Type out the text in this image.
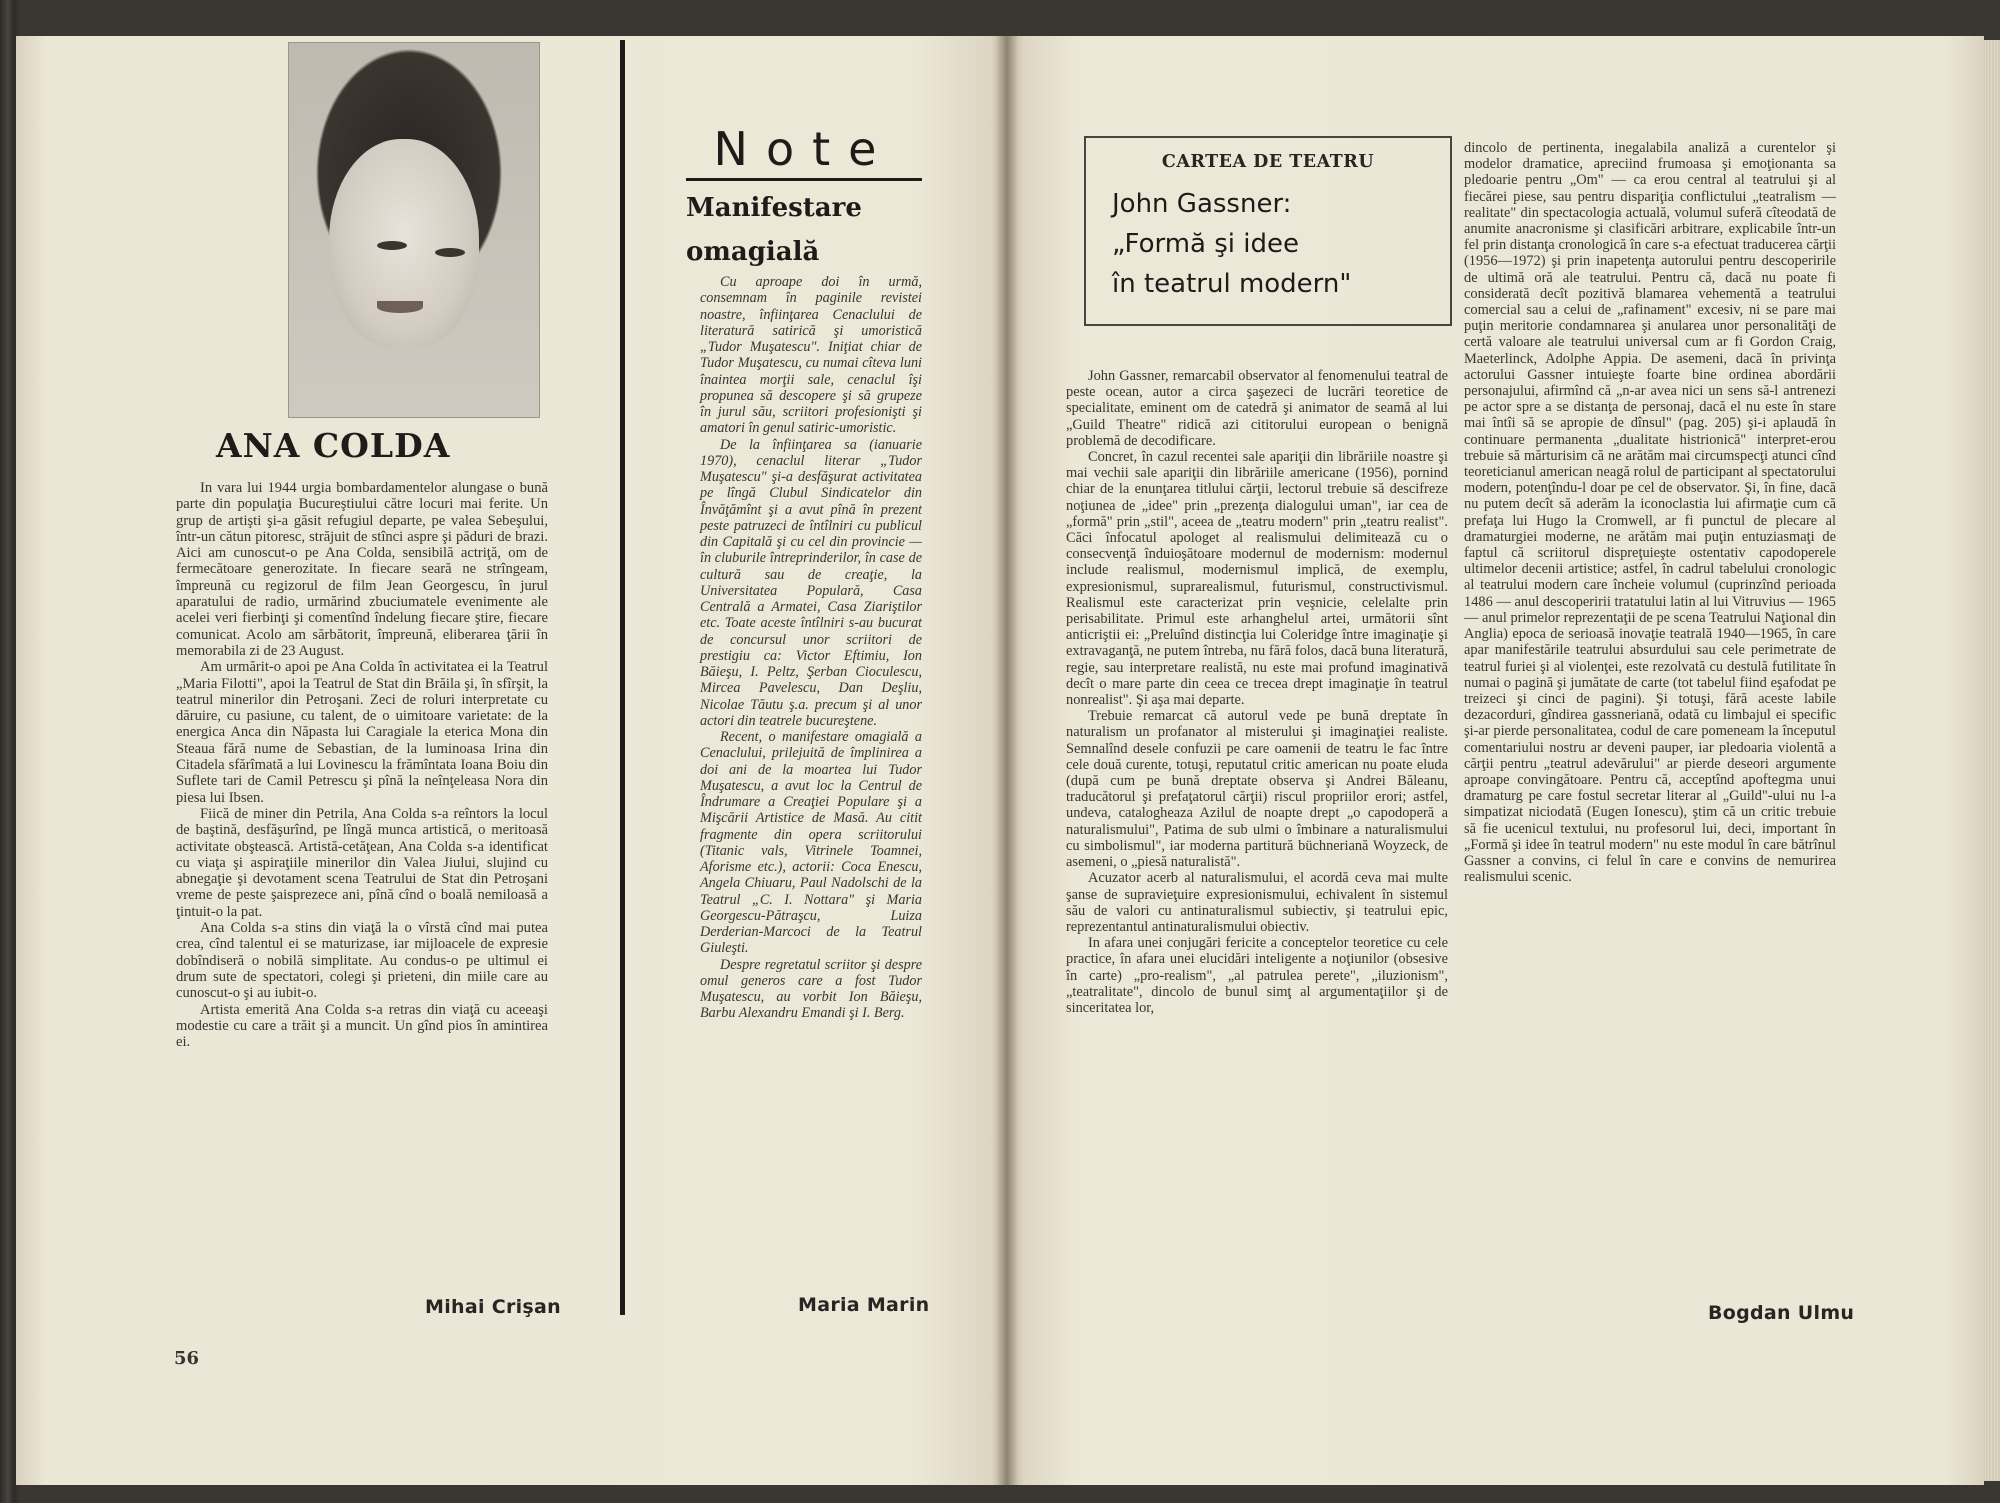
ANA COLDA

In vara lui 1944 urgia bombardamentelor alungase o bună parte din populaţia Bucureştiului către locuri mai ferite. Un grup de artişti şi-a găsit refugiul departe, pe valea Sebeşului, într-un cătun pitoresc, străjuit de stînci aspre şi păduri de brazi. Aici am cunoscut-o pe Ana Colda, sensibilă actriţă, om de fermecătoare generozitate. In fiecare seară ne strîngeam, împreună cu regizorul de film Jean Georgescu, în jurul aparatului de radio, urmărind zbuciumatele evenimente ale acelei veri fierbinţi şi comentînd îndelung fiecare ştire, fiecare comunicat. Acolo am sărbătorit, împreună, eliberarea ţării în memorabila zi de 23 August.

Am urmărit-o apoi pe Ana Colda în activitatea ei la Teatrul „Maria Filotti", apoi la Teatrul de Stat din Brăila şi, în sfîrşit, la teatrul minerilor din Petroşani. Zeci de roluri interpretate cu dăruire, cu pasiune, cu talent, de o uimitoare varietate: de la energica Anca din Năpasta lui Caragiale la eterica Mona din Steaua fără nume de Sebastian, de la luminoasa Irina din Citadela sfărîmată a lui Lovinescu la frămîntata Ioana Boiu din Suflete tari de Camil Petrescu şi pînă la neînţeleasa Nora din piesa lui Ibsen.

Fiică de miner din Petrila, Ana Colda s-a reîntors la locul de baştină, desfăşurînd, pe lîngă munca artistică, o meritoasă activitate obştească. Artistă-cetăţean, Ana Colda s-a identificat cu viaţa şi aspiraţiile minerilor din Valea Jiului, slujind cu abnegaţie şi devotament scena Teatrului de Stat din Petroşani vreme de peste şaisprezece ani, pînă cînd o boală nemiloasă a ţintuit-o la pat.

Ana Colda s-a stins din viaţă la o vîrstă cînd mai putea crea, cînd talentul ei se maturizase, iar mijloacele de expresie dobîndiseră o nobilă simplitate. Au condus-o pe ultimul ei drum sute de spectatori, colegi şi prieteni, din miile care au cunoscut-o şi au iubit-o.

Artista emerită Ana Colda s-a retras din viaţă cu aceeaşi modestie cu care a trăit şi a muncit. Un gînd pios în amintirea ei.

Mihai Crişan
56
Note
Manifestare
omagială

Cu aproape doi în urmă, consemnam în paginile revistei noastre, înfiinţarea Cenaclului de literatură satirică şi umoristică „Tudor Muşatescu". Iniţiat chiar de Tudor Muşatescu, cu numai cîteva luni înaintea morţii sale, cenaclul îşi propunea să descopere şi să grupeze în jurul său, scriitori profesionişti şi amatori în genul satiric-umoristic.

De la înfiinţarea sa (ianuarie 1970), cenaclul literar „Tudor Muşatescu" şi-a desfăşurat activitatea pe lîngă Clubul Sindicatelor din Învăţămînt şi a avut pînă în prezent peste patruzeci de întîlniri cu publicul din Capitală şi cu cel din provincie — în cluburile întreprinderilor, în case de cultură sau de creaţie, la Universitatea Populară, Casa Centrală a Armatei, Casa Ziariştilor etc. Toate aceste întîlniri s-au bucurat de concursul unor scriitori de prestigiu ca: Victor Eftimiu, Ion Băieşu, I. Peltz, Şerban Cioculescu, Mircea Pavelescu, Dan Deşliu, Nicolae Tăutu ş.a. precum şi al unor actori din teatrele bucureştene.

Recent, o manifestare omagială a Cenaclului, prilejuită de împlinirea a doi ani de la moartea lui Tudor Muşatescu, a avut loc la Centrul de Îndrumare a Creaţiei Populare şi a Mişcării Artistice de Masă. Au citit fragmente din opera scriitorului (Titanic vals, Vitrinele Toamnei, Aforisme etc.), actorii: Coca Enescu, Angela Chiuaru, Paul Nadolschi de la Teatrul „C. I. Nottara" şi Maria Georgescu-Pătraşcu, Luiza Derderian-Marcoci de la Teatrul Giuleşti.

Despre regretatul scriitor şi despre omul generos care a fost Tudor Muşatescu, au vorbit Ion Băieşu, Barbu Alexandru Emandi şi I. Berg.

Maria Marin
CARTEA DE TEATRU
John Gassner:
„Formă şi idee
în teatrul modern"

John Gassner, remarcabil observator al fenomenului teatral de peste ocean, autor a circa şaşezeci de lucrări teoretice de specialitate, eminent om de catedră şi animator de seamă al lui „Guild Theatre" ridică azi cititorului european o benignă problemă de decodificare.

Concret, în cazul recentei sale apariţii din librăriile noastre şi mai vechii sale apariţii din librăriile americane (1956), pornind chiar de la enunţarea titlului cărţii, lectorul trebuie să descifreze noţiunea de „idee" prin „prezenţa dialogului uman", iar cea de „formă" prin „stil", aceea de „teatru modern" prin „teatru realist". Căci înfocatul apologet al realismului delimitează cu o consecvenţă înduioşătoare modernul de modernism: modernul include realismul, modernismul implică, de exemplu, expresionismul, suprarealismul, futurismul, constructivismul. Realismul este caracterizat prin veşnicie, celelalte prin perisabilitate. Primul este arhanghelul artei, următorii sînt anticriştii ei: „Preluînd distincţia lui Coleridge între imaginaţie şi extravaganţă, ne putem întreba, nu fără folos, dacă buna literatură, regie, sau interpretare realistă, nu este mai profund imaginativă decît o mare parte din ceea ce trecea drept imaginaţie în teatrul nonrealist". Şi aşa mai departe.

Trebuie remarcat că autorul vede pe bună dreptate în naturalism un profanator al misterului şi imaginaţiei realiste. Semnalînd desele confuzii pe care oamenii de teatru le fac între cele două curente, totuşi, reputatul critic american nu poate eluda (după cum pe bună dreptate observa şi Andrei Băleanu, traducătorul şi prefaţatorul cărţii) riscul propriilor erori; astfel, undeva, catalogheaza Azilul de noapte drept „o capodoperă a naturalismului", Patima de sub ulmi o îmbinare a naturalismului cu simbolismul", iar moderna partitură büchneriană Woyzeck, de asemeni, o „piesă naturalistă".

Acuzator acerb al naturalismului, el acordă ceva mai multe şanse de supravieţuire expresionismului, echivalent în sistemul său de valori cu antinaturalismul subiectiv, şi teatrului epic, reprezentantul antinaturalismului obiectiv.

In afara unei conjugări fericite a conceptelor teoretice cu cele practice, în afara unei elucidări inteligente a noţiunilor (obsesive în carte) „pro-realism", „al patrulea perete", „iluzionism", „teatralitate", dincolo de bunul simţ al argumentaţiilor şi de sinceritatea lor,

dincolo de pertinenta, inegalabila analiză a curentelor şi modelor dramatice, apreciind frumoasa şi emoţionanta sa pledoarie pentru „Om" — ca erou central al teatrului şi al fiecărei piese, sau pentru dispariţia conflictului „teatralism — realitate" din spectacologia actuală, volumul suferă cîteodată de anumite anacronisme şi clasificări arbitrare, explicabile într-un fel prin distanţa cronologică în care s-a efectuat traducerea cărţii (1956—1972) şi prin inapetenţa autorului pentru descoperirile de ultimă oră ale teatrului. Pentru că, dacă nu poate fi considerată decît pozitivă blamarea vehementă a teatrului comercial sau a celui de „rafinament" excesiv, ni se pare mai puţin meritorie condamnarea şi anularea unor personalităţi de certă valoare ale teatrului universal cum ar fi Gordon Craig, Maeterlinck, Adolphe Appia. De asemeni, dacă în privinţa actorului Gassner intuieşte foarte bine ordinea abordării personajului, afirmînd că „n-ar avea nici un sens să-l antrenezi pe actor spre a se distanţa de personaj, dacă el nu este în stare mai întîi să se apropie de dînsul" (pag. 205) şi-i aplaudă în continuare permanenta „dualitate histrionică" interpret-erou trebuie să mărturisim că ne arătăm mai circumspecţi atunci cînd teoreticianul american neagă rolul de participant al spectatorului modern, potenţîndu-l doar pe cel de observator. Şi, în fine, dacă nu putem decît să aderăm la iconoclastia lui afirmaţie cum că prefaţa lui Hugo la Cromwell, ar fi punctul de plecare al dramaturgiei moderne, ne arătăm mai puţin entuziasmaţi de faptul că scriitorul dispreţuieşte ostentativ capodoperele ultimelor decenii artistice; astfel, în cadrul tabelului cronologic al teatrului modern care încheie volumul (cuprinzînd perioada 1486 — anul descoperirii tratatului latin al lui Vitruvius — 1965 — anul primelor reprezentaţii de pe scena Teatrului Naţional din Anglia) epoca de serioasă inovaţie teatrală 1940—1965, în care apar manifestările teatrului absurdului sau cele perimetrate de teatrul furiei şi al violenţei, este rezolvată cu destulă futilitate în numai o pagină şi jumătate de carte (tot tabelul fiind eşafodat pe treizeci şi cinci de pagini). Şi totuşi, fără aceste labile dezacorduri, gîndirea gassneriană, odată cu limbajul ei specific şi-ar pierde personalitatea, codul de care pomeneam la începutul comentariului nostru ar deveni pauper, iar pledoaria violentă a cărţii pentru „teatrul adevărului" ar pierde deseori argumente aproape convingătoare. Pentru că, acceptînd apoftegma unui dramaturg pe care fostul secretar literar al „Guild"-ului nu l-a simpatizat niciodată (Eugen Ionescu), ştim că un critic trebuie să fie ucenicul textului, nu profesorul lui, deci, important în „Formă şi idee în teatrul modern" nu este modul în care bătrînul Gassner a convins, ci felul în care e convins de nemurirea realismului scenic.

Bogdan Ulmu
